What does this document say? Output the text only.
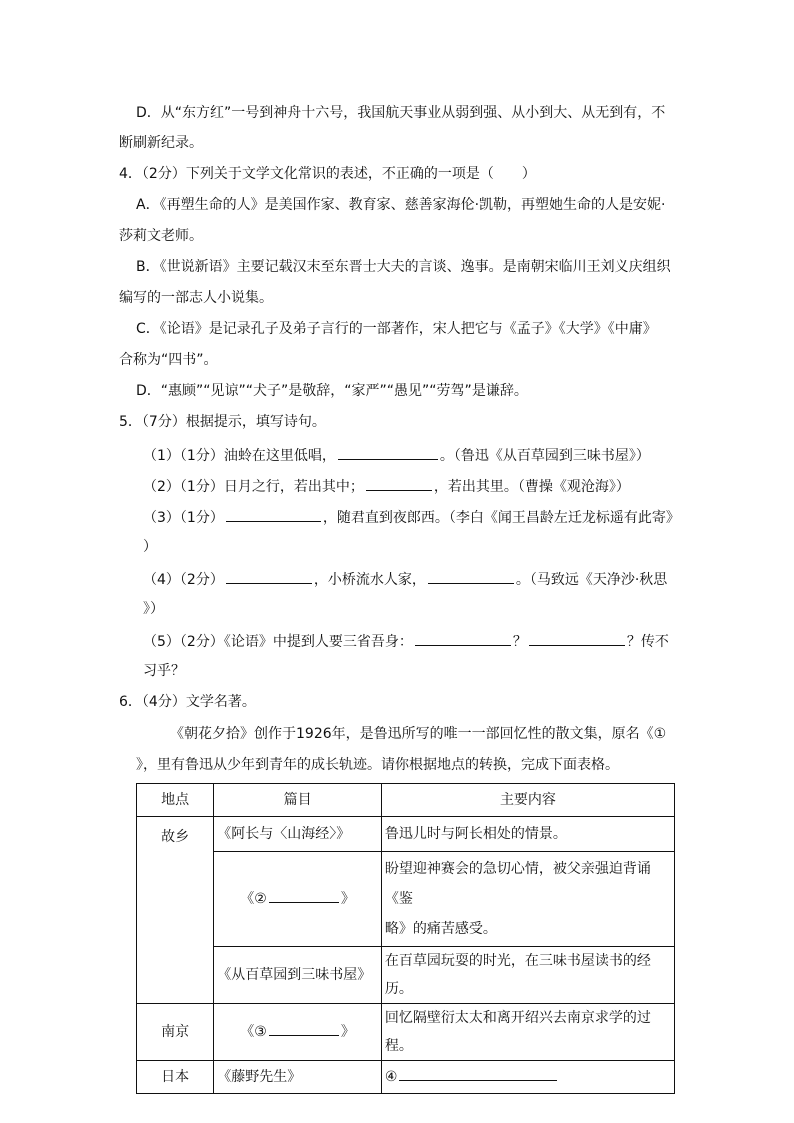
D．从“东方红”一号到神舟十六号，我国航天事业从弱到强、从小到大、从无到有，不
断刷新纪录。
4．（2分）下列关于文学文化常识的表述，不正确的一项是（　　）
A．《再塑生命的人》是美国作家、教育家、慈善家海伦·凯勒，再塑她生命的人是安妮·
莎莉文老师。
B．《世说新语》主要记载汉末至东晋士大夫的言谈、逸事。是南朝宋临川王刘义庆组织
编写的一部志人小说集。
C．《论语》是记录孔子及弟子言行的一部著作，宋人把它与《孟子》《大学》《中庸》
合称为“四书”。
D．“惠顾”“见谅”“犬子”是敬辞，“家严”“愚见”“劳驾”是谦辞。
5．（7分）根据提示，填写诗句。
（1）（1分）油蛉在这里低唱，	。（鲁迅《从百草园到三味书屋》）
（2）（1分）日月之行，若出其中；	，若出其里。（曹操《观沧海》）
（3）（1分）	，随君直到夜郎西。（李白《闻王昌龄左迁龙标遥有此寄》
）
（4）（2分）	，小桥流水人家，	。（马致远《天净沙·秋思
》）
（5）（2分）《论语》中提到人要三省吾身：	？	？传不
习乎？
6．（4分）文学名著。
《朝花夕拾》创作于1926年，是鲁迅所写的唯一一部回忆性的散文集，原名《①
》，里有鲁迅从少年到青年的成长轨迹。请你根据地点的转换，完成下面表格。
地点	篇目	主要内容
故乡	《阿长与〈山海经〉》	鲁迅儿时与阿长相处的情景。
	《② 》	盼望迎神赛会的急切心情，被父亲强迫背诵《鉴
略》的痛苦感受。

	《从百草园到三味书屋》	在百草园玩耍的时光，在三味书屋读书的经历。
南京	《③ 》	回忆隔壁衍太太和离开绍兴去南京求学的过程。
日本	《藤野先生》	④
